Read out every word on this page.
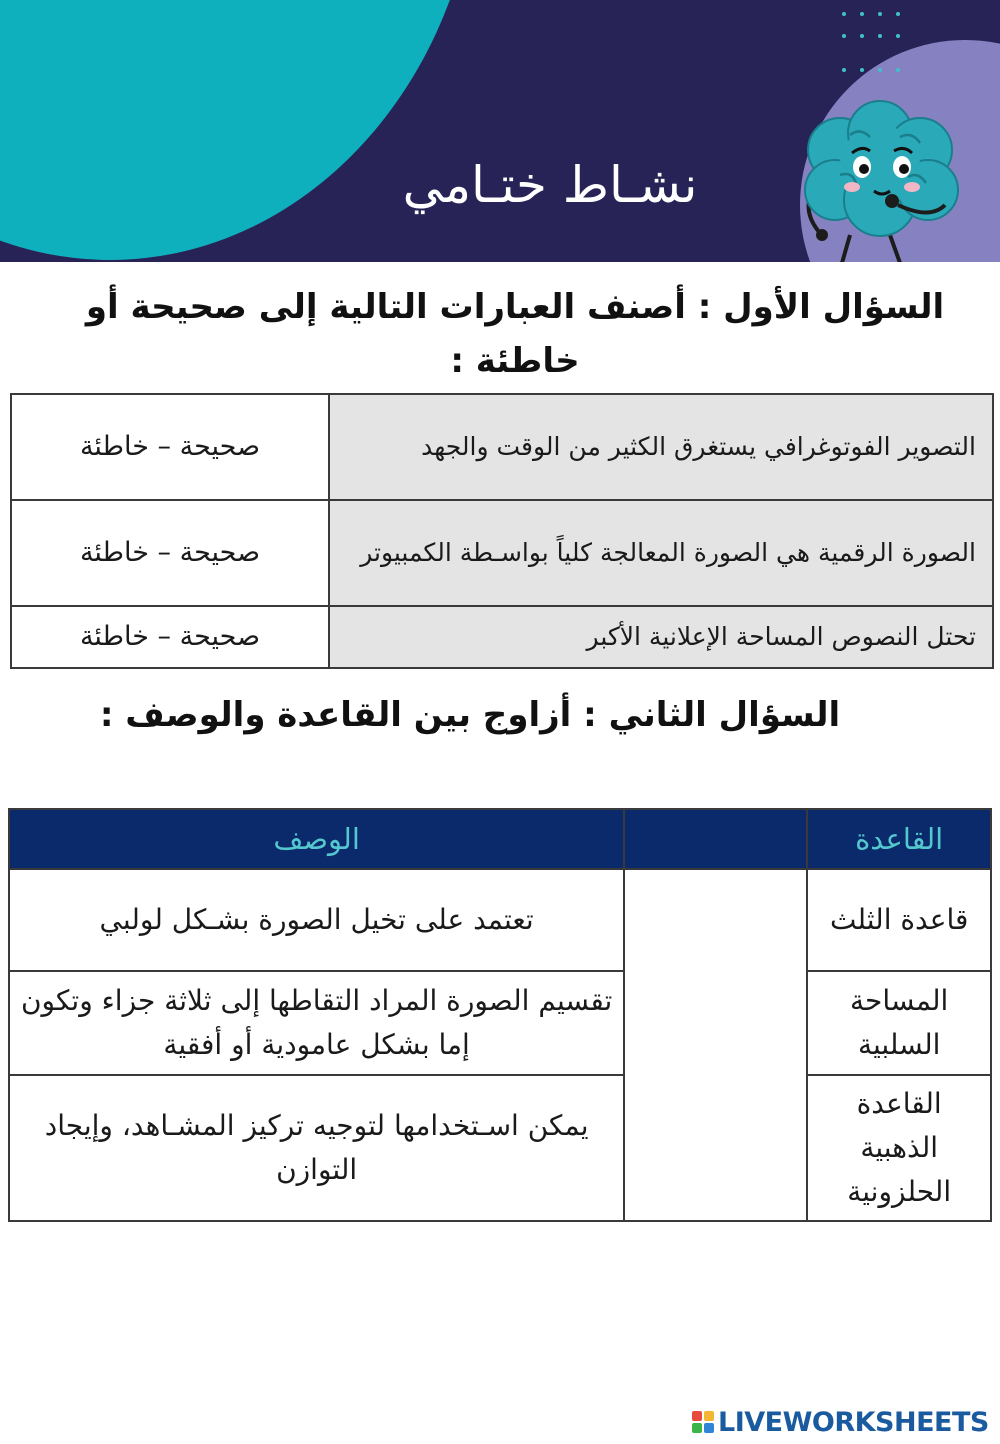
نشـاط ختـامي

السؤال الأول : أصنف العبارات التالية إلى صحيحة أو خاطئة :

التصوير الفوتوغرافي يستغرق الكثير من الوقت والجهد	صحيحة – خاطئة
الصورة الرقمية هي الصورة المعالجة كلياً بواسـطة الكمبيوتر	صحيحة – خاطئة
تحتل النصوص المساحة الإعلانية الأكبر	صحيحة – خاطئة

السؤال الثاني : أزاوج بين القاعدة والوصف :

القاعدة		الوصف
قاعدة الثلث		تعتمد على تخيل الصورة بشـكل لولبي
المساحة السلبية		تقسيم الصورة المراد التقاطها إلى ثلاثة جزاء وتكون إما بشكل عامودية أو أفقية
القاعدة الذهبية الحلزونية		يمكن اسـتخدامها لتوجيه تركيز المشـاهد، وإيجاد التوازن
LIVEWORKSHEETS
